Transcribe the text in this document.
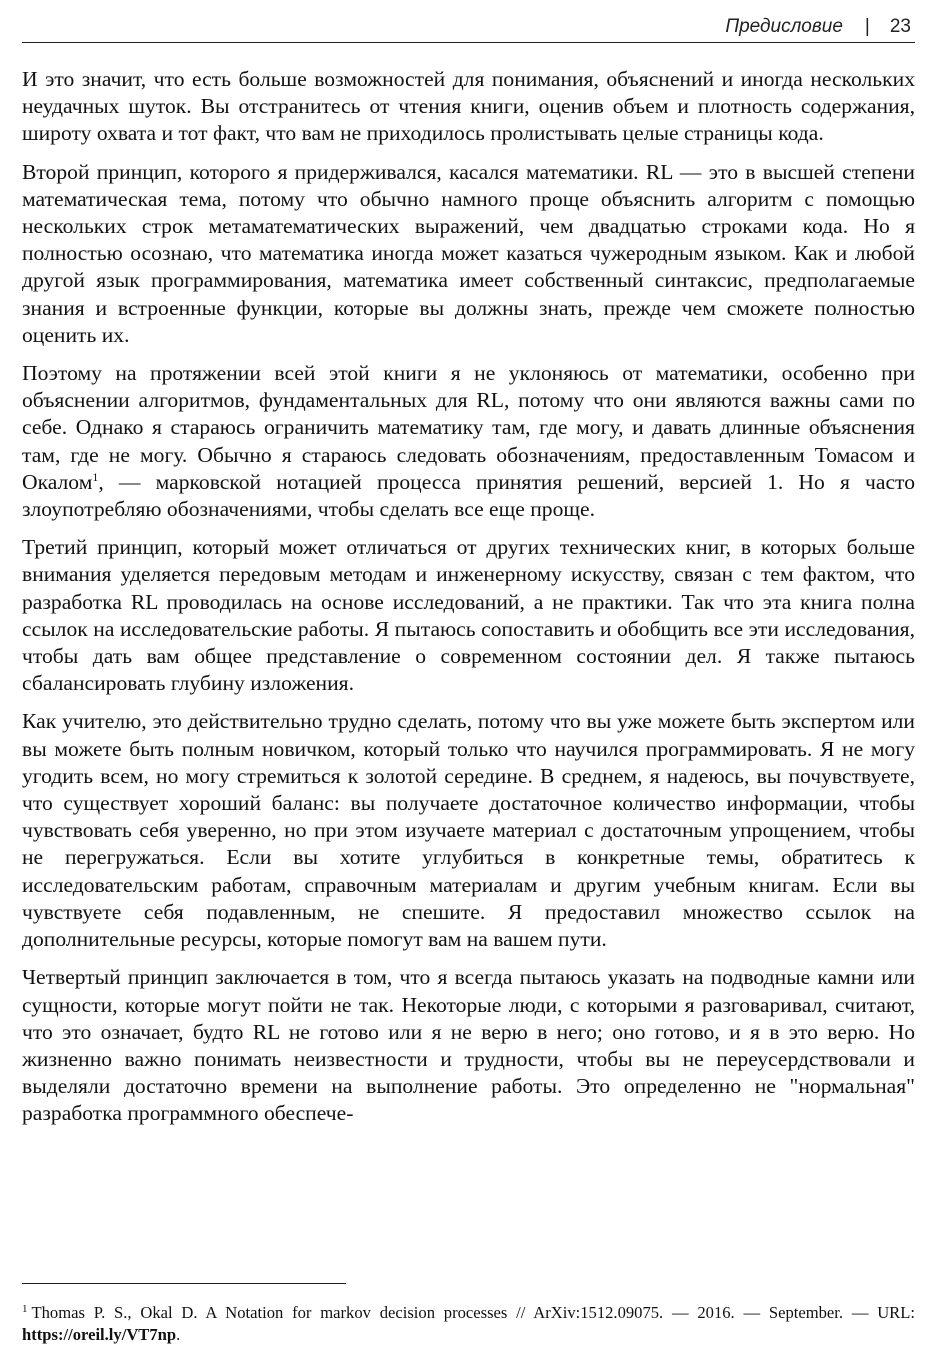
Предисловие | 23

И это значит, что есть больше возможностей для понимания, объяснений и иногда нескольких неудачных шуток. Вы отстранитесь от чтения книги, оценив объем и плотность содержания, широту охвата и тот факт, что вам не приходилось пролистывать целые страницы кода.

Второй принцип, которого я придерживался, касался математики. RL — это в высшей степени математическая тема, потому что обычно намного проще объяснить алгоритм с помощью нескольких строк метаматематических выражений, чем двадцатью строками кода. Но я полностью осознаю, что математика иногда может казаться чужеродным языком. Как и любой другой язык программирования, математика имеет собственный синтаксис, предполагаемые знания и встроенные функции, которые вы должны знать, прежде чем сможете полностью оценить их.

Поэтому на протяжении всей этой книги я не уклоняюсь от математики, особенно при объяснении алгоритмов, фундаментальных для RL, потому что они являются важны сами по себе. Однако я стараюсь ограничить математику там, где могу, и давать длинные объяснения там, где не могу. Обычно я стараюсь следовать обозначениям, предоставленным Томасом и Окалом$^1$, — марковской нотацией процесса принятия решений, версией 1. Но я часто злоупотребляю обозначениями, чтобы сделать все еще проще.

Третий принцип, который может отличаться от других технических книг, в которых больше внимания уделяется передовым методам и инженерному искусству, связан с тем фактом, что разработка RL проводилась на основе исследований, а не практики. Так что эта книга полна ссылок на исследовательские работы. Я пытаюсь сопоставить и обобщить все эти исследования, чтобы дать вам общее представление о современном состоянии дел. Я также пытаюсь сбалансировать глубину изложения.

Как учителю, это действительно трудно сделать, потому что вы уже можете быть экспертом или вы можете быть полным новичком, который только что научился программировать. Я не могу угодить всем, но могу стремиться к золотой середине. В среднем, я надеюсь, вы почувствуете, что существует хороший баланс: вы получаете достаточное количество информации, чтобы чувствовать себя уверенно, но при этом изучаете материал с достаточным упрощением, чтобы не перегружаться. Если вы хотите углубиться в конкретные темы, обратитесь к исследовательским работам, справочным материалам и другим учебным книгам. Если вы чувствуете себя подавленным, не спешите. Я предоставил множество ссылок на дополнительные ресурсы, которые помогут вам на вашем пути.

Четвертый принцип заключается в том, что я всегда пытаюсь указать на подводные камни или сущности, которые могут пойти не так. Некоторые люди, с которыми я разговаривал, считают, что это означает, будто RL не готово или я не верю в него; оно готово, и я в это верю. Но жизненно важно понимать неизвестности и трудности, чтобы вы не переусердствовали и выделяли достаточно времени на выполнение работы. Это определенно не "нормальная" разработка программного обеспече-

$^1$ Thomas P. S., Okal D. A Notation for markov decision processes // ArXiv:1512.09075. — 2016. — September. — URL: https://oreil.ly/VT7np.
